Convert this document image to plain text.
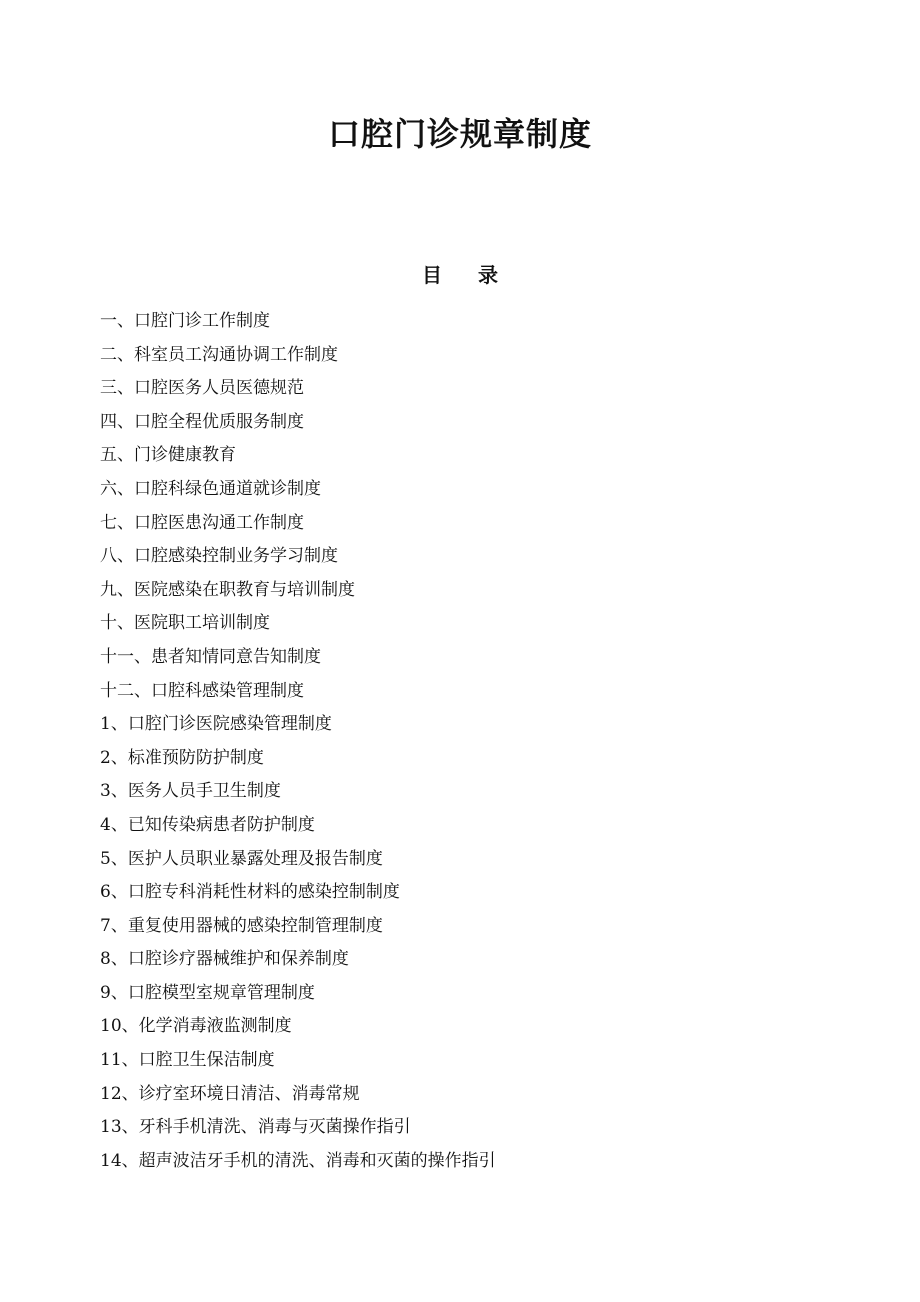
口腔门诊规章制度
目 录
一、口腔门诊工作制度
二、科室员工沟通协调工作制度
三、口腔医务人员医德规范
四、口腔全程优质服务制度
五、门诊健康教育
六、口腔科绿色通道就诊制度
七、口腔医患沟通工作制度
八、口腔感染控制业务学习制度
九、医院感染在职教育与培训制度
十、医院职工培训制度
十一、患者知情同意告知制度
十二、口腔科感染管理制度
1、口腔门诊医院感染管理制度
2、标准预防防护制度
3、医务人员手卫生制度
4、已知传染病患者防护制度
5、医护人员职业暴露处理及报告制度
6、口腔专科消耗性材料的感染控制制度
7、重复使用器械的感染控制管理制度
8、口腔诊疗器械维护和保养制度
9、口腔模型室规章管理制度
10、化学消毒液监测制度
11、口腔卫生保洁制度
12、诊疗室环境日清洁、消毒常规
13、牙科手机清洗、消毒与灭菌操作指引
14、超声波洁牙手机的清洗、消毒和灭菌的操作指引
